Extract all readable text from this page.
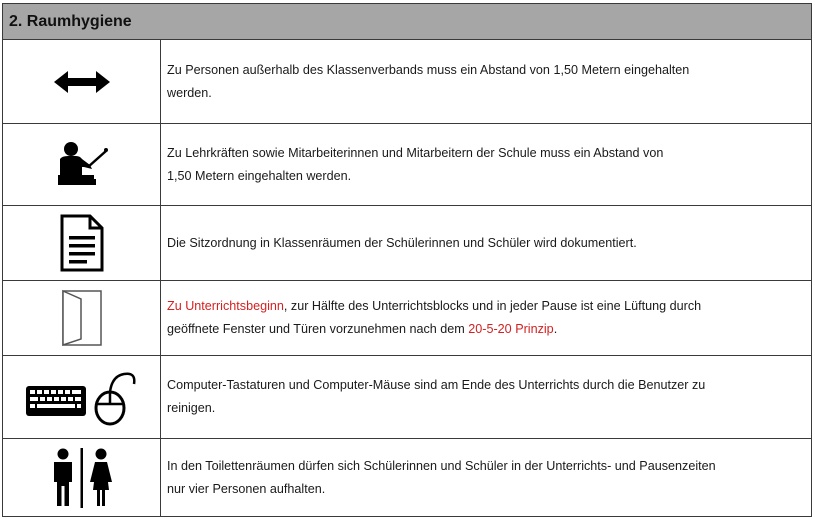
2. Raumhygiene

Zu Personen außerhalb des Klassenverbands muss ein Abstand von 1,50 Metern eingehalten
werden.

Zu Lehrkräften sowie Mitarbeiterinnen und Mitarbeitern der Schule muss ein Abstand von
1,50 Metern eingehalten werden.

Die Sitzordnung in Klassenräumen der Schülerinnen und Schüler wird dokumentiert.

Zu Unterrichtsbeginn, zur Hälfte des Unterrichtsblocks und in jeder Pause ist eine Lüftung durch
geöffnete Fenster und Türen vorzunehmen nach dem 20-5-20 Prinzip.

Computer-Tastaturen und Computer-Mäuse sind am Ende des Unterrichts durch die Benutzer zu
reinigen.

In den Toilettenräumen dürfen sich Schülerinnen und Schüler in der Unterrichts- und Pausenzeiten
nur vier Personen aufhalten.
